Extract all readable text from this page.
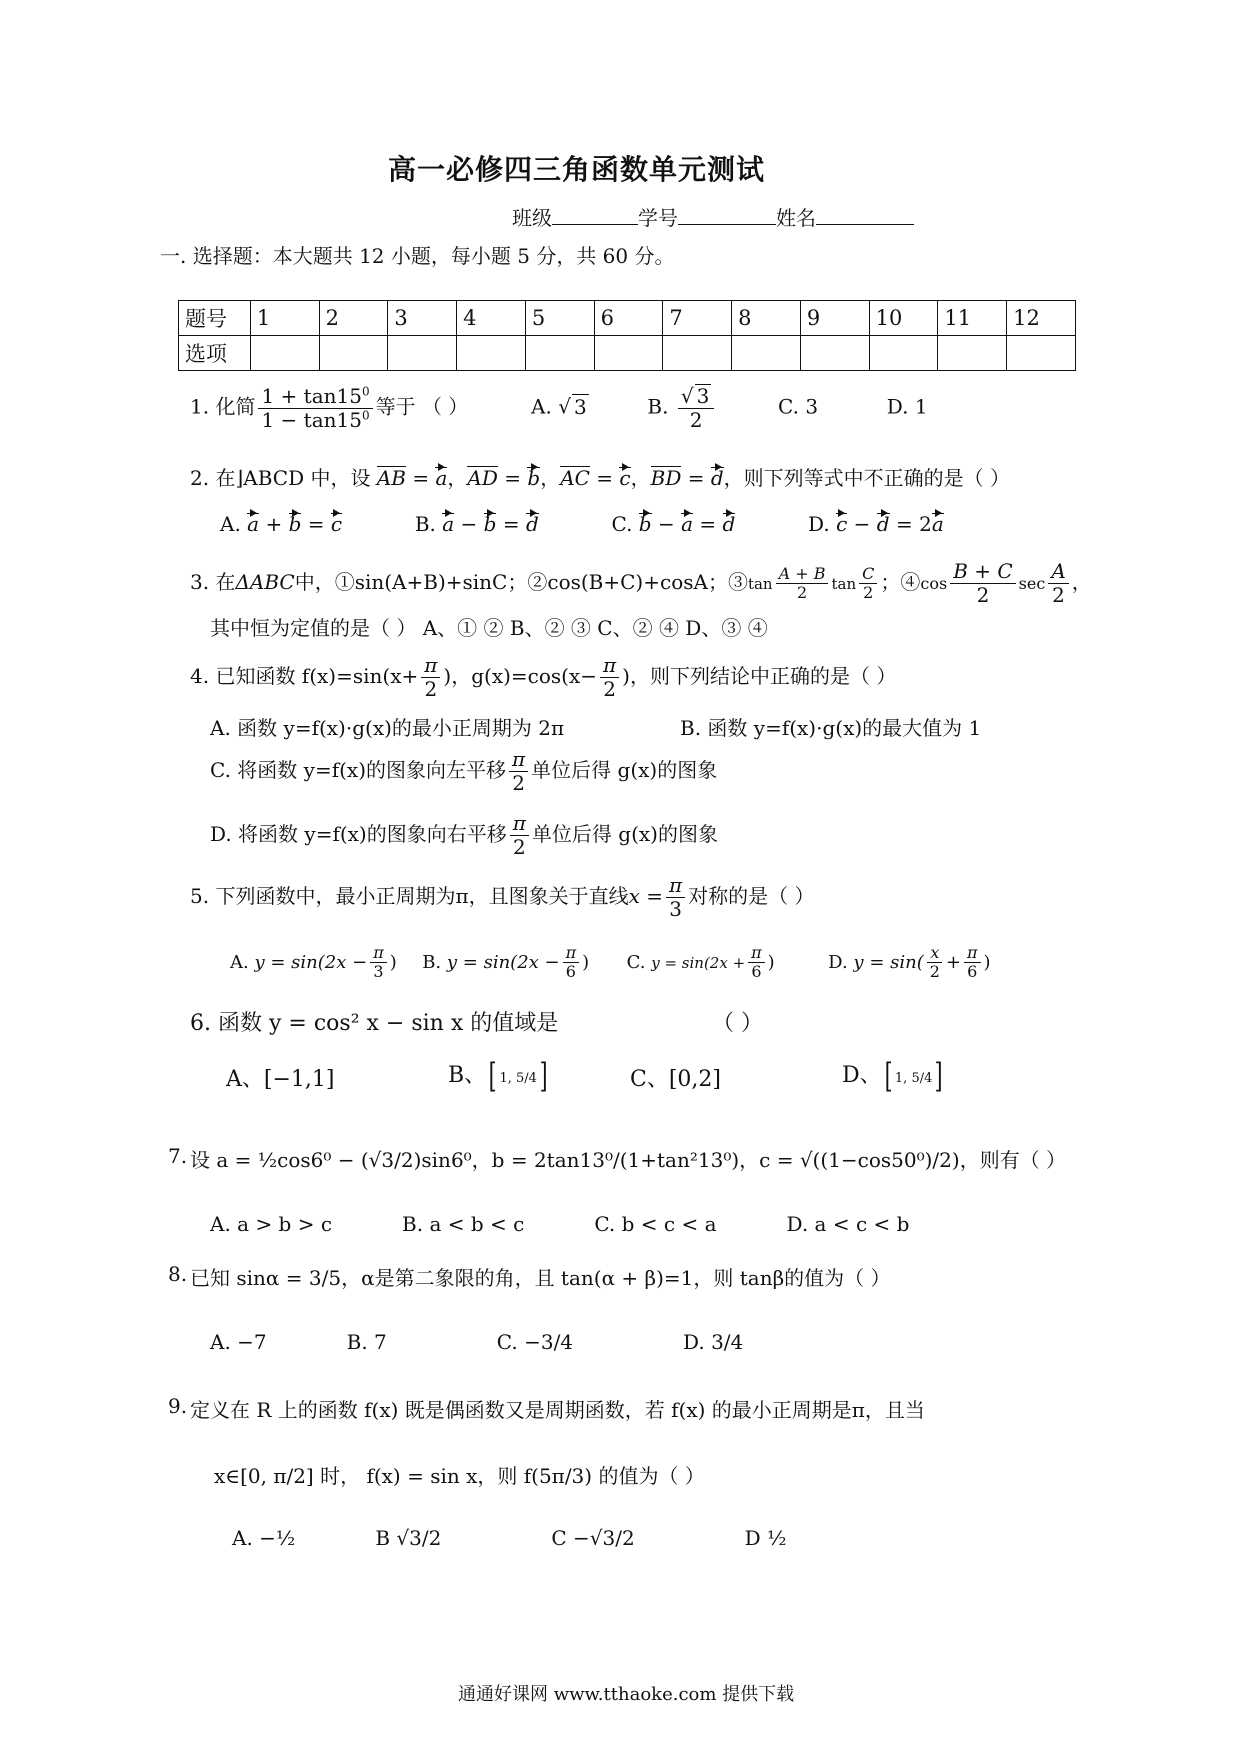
高一必修四三角函数单元测试
班级	学号	姓名
一. 选择题：本大题共 12 小题，每小题 5 分，共 60 分。
题号	1	2	3	4	5	6	7	8	9	10	11	12
选项												
1. 化简 $\frac{1 + \tan 15^0}{1 - \tan 15^0}$ 等于 （ ）	A. √ 3	B. $\frac{√ 3}{2}$	C. 3	D. 1
2. 在⌋ABCD 中，设 AB = a，AD = b，AC = c，BD = d，则下列等式中不正确的是（ ）
A. a + b = c	B. a − b = d	C. b − a = d	D. c − d = 2a
3. 在ΔABC中，①sin(A+B)+sinC；②cos(B+C)+cosA；③tan $\frac{A + B}{2}$ $\tan \frac{C}{2}$ ；④cos $\frac{B + C}{2}$ $\sec \frac{A}{2}$ ，
其中恒为定值的是（ ） A、① ② B、② ③ C、② ④ D、③ ④
4. 已知函数 $f(x)=\sin(x+ \frac{\pi}{2}$ )，$g(x)=\cos(x- \frac{\pi}{2}$ )，则下列结论中正确的是（ ）
A. 函数 y=f(x)·g(x)的最小正周期为 2π	B. 函数 y=f(x)·g(x)的最大值为 1
C. 将函数 y=f(x)的图象向左平移 $\frac{\pi}{2}$ 单位后得 g(x)的图象
D. 将函数 y=f(x)的图象向右平移 $\frac{\pi}{2}$ 单位后得 g(x)的图象
5. 下列函数中，最小正周期为π，且图象关于直线$x = \frac{\pi}{3}$ 对称的是（ ）
A. $y = \sin(2x - \frac{\pi}{3}$ ) B. $y = \sin(2x - \frac{\pi}{6}$ ) C. $y = \sin(2x + \frac{\pi}{6}$ )	D. $y = \sin( \frac{x}{2} + \frac{\pi}{6}$ )
6. 函数 y = cos² x − sin x 的值域是	（ ）
A、[−1,1]	B、[ 1, 5/4]	C、[0,2]	D、[ 1, 5/4]
设 a = ½cos6⁰ − (√3/2)sin6⁰，b = 2tan13⁰/(1+tan²13⁰)，c = √((1−cos50⁰)/2)，则有（ ）
7.
A. a > b > c	B. a < b < c	C. b < c < a	D. a < c < b
8. 已知 sinα = 3/5，α是第二象限的角，且 tan(α + β)=1，则 tanβ的值为（ ）
A. −7	B. 7	C. −3/4	D. 3/4
9. 定义在 R 上的函数 f(x) 既是偶函数又是周期函数，若 f(x) 的最小正周期是π，且当
x∈[0, π/2] 时， f(x) = sin x，则 f(5π/3) 的值为（ ）
A. −½	B √3/2	C −√3/2	D ½
通通好课网 www.tthaoke.com 提供下载
